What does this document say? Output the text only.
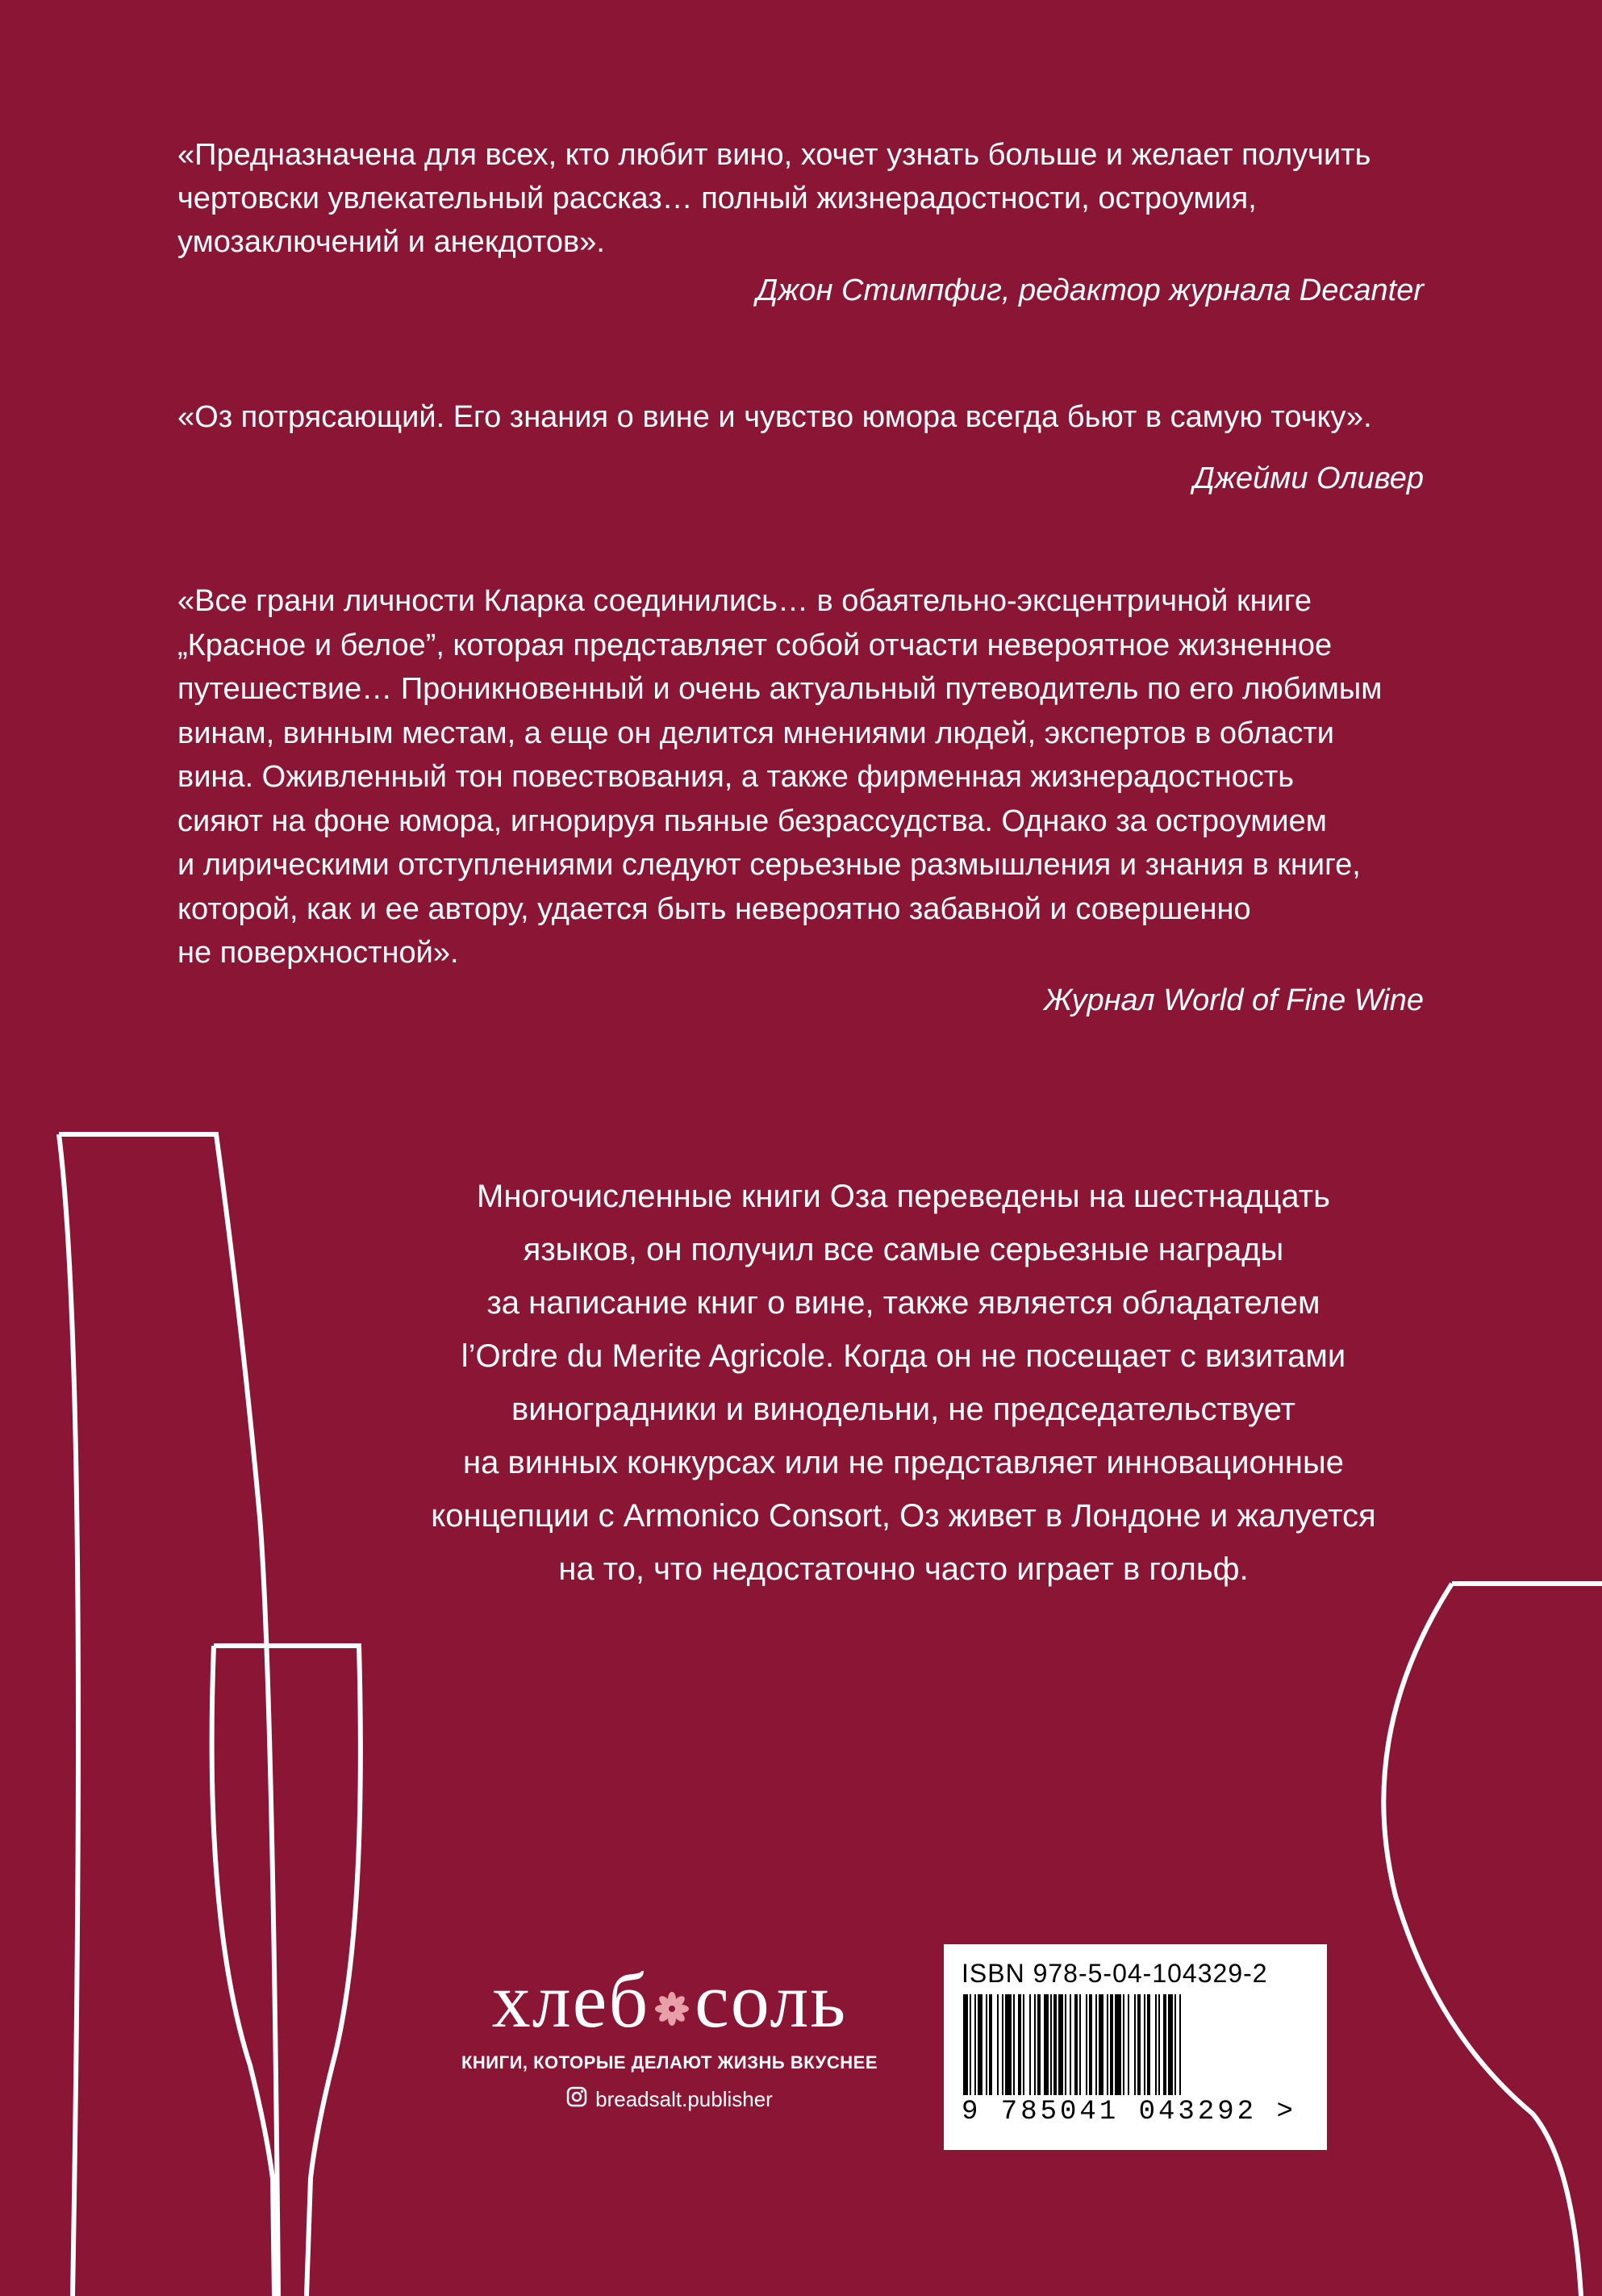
«Предназначена для всех, кто любит вино, хочет узнать больше и желает получить
чертовски увлекательный рассказ… полный жизнерадостности, остроумия,
умозаключений и анекдотов».

Джон Стимпфиг, редактор журнала Decanter

«Оз потрясающий. Его знания о вине и чувство юмора всегда бьют в самую точку».

Джейми Оливер

«Все грани личности Кларка соединились… в обаятельно-эксцентричной книге
„Красное и белое”, которая представляет собой отчасти невероятное жизненное
путешествие… Проникновенный и очень актуальный путеводитель по его любимым
винам, винным местам, а еще он делится мнениями людей, экспертов в области
вина. Оживленный тон повествования, а также фирменная жизнерадостность
сияют на фоне юмора, игнорируя пьяные безрассудства. Однако за остроумием
и лирическими отступлениями следуют серьезные размышления и знания в книге,
которой, как и ее автору, удается быть невероятно забавной и совершенно
не поверхностной».

Журнал World of Fine Wine

Многочисленные книги Оза переведены на шестнадцать
языков, он получил все самые серьезные награды
за написание книг о вине, также является обладателем
l’Ordre du Merite Agricole. Когда он не посещает с визитами
виноградники и винодельни, не председательствует
на винных конкурсах или не представляет инновационные
концепции с Armonico Consort, Оз живет в Лондоне и жалуется
на то, что недостаточно часто играет в гольф.
хлеб соль
КНИГИ, КОТОРЫЕ ДЕЛАЮТ ЖИЗНЬ ВКУСНЕЕ
breadsalt.publisher
ISBN 978-5-04-104329-2
9 785041 043292 >
